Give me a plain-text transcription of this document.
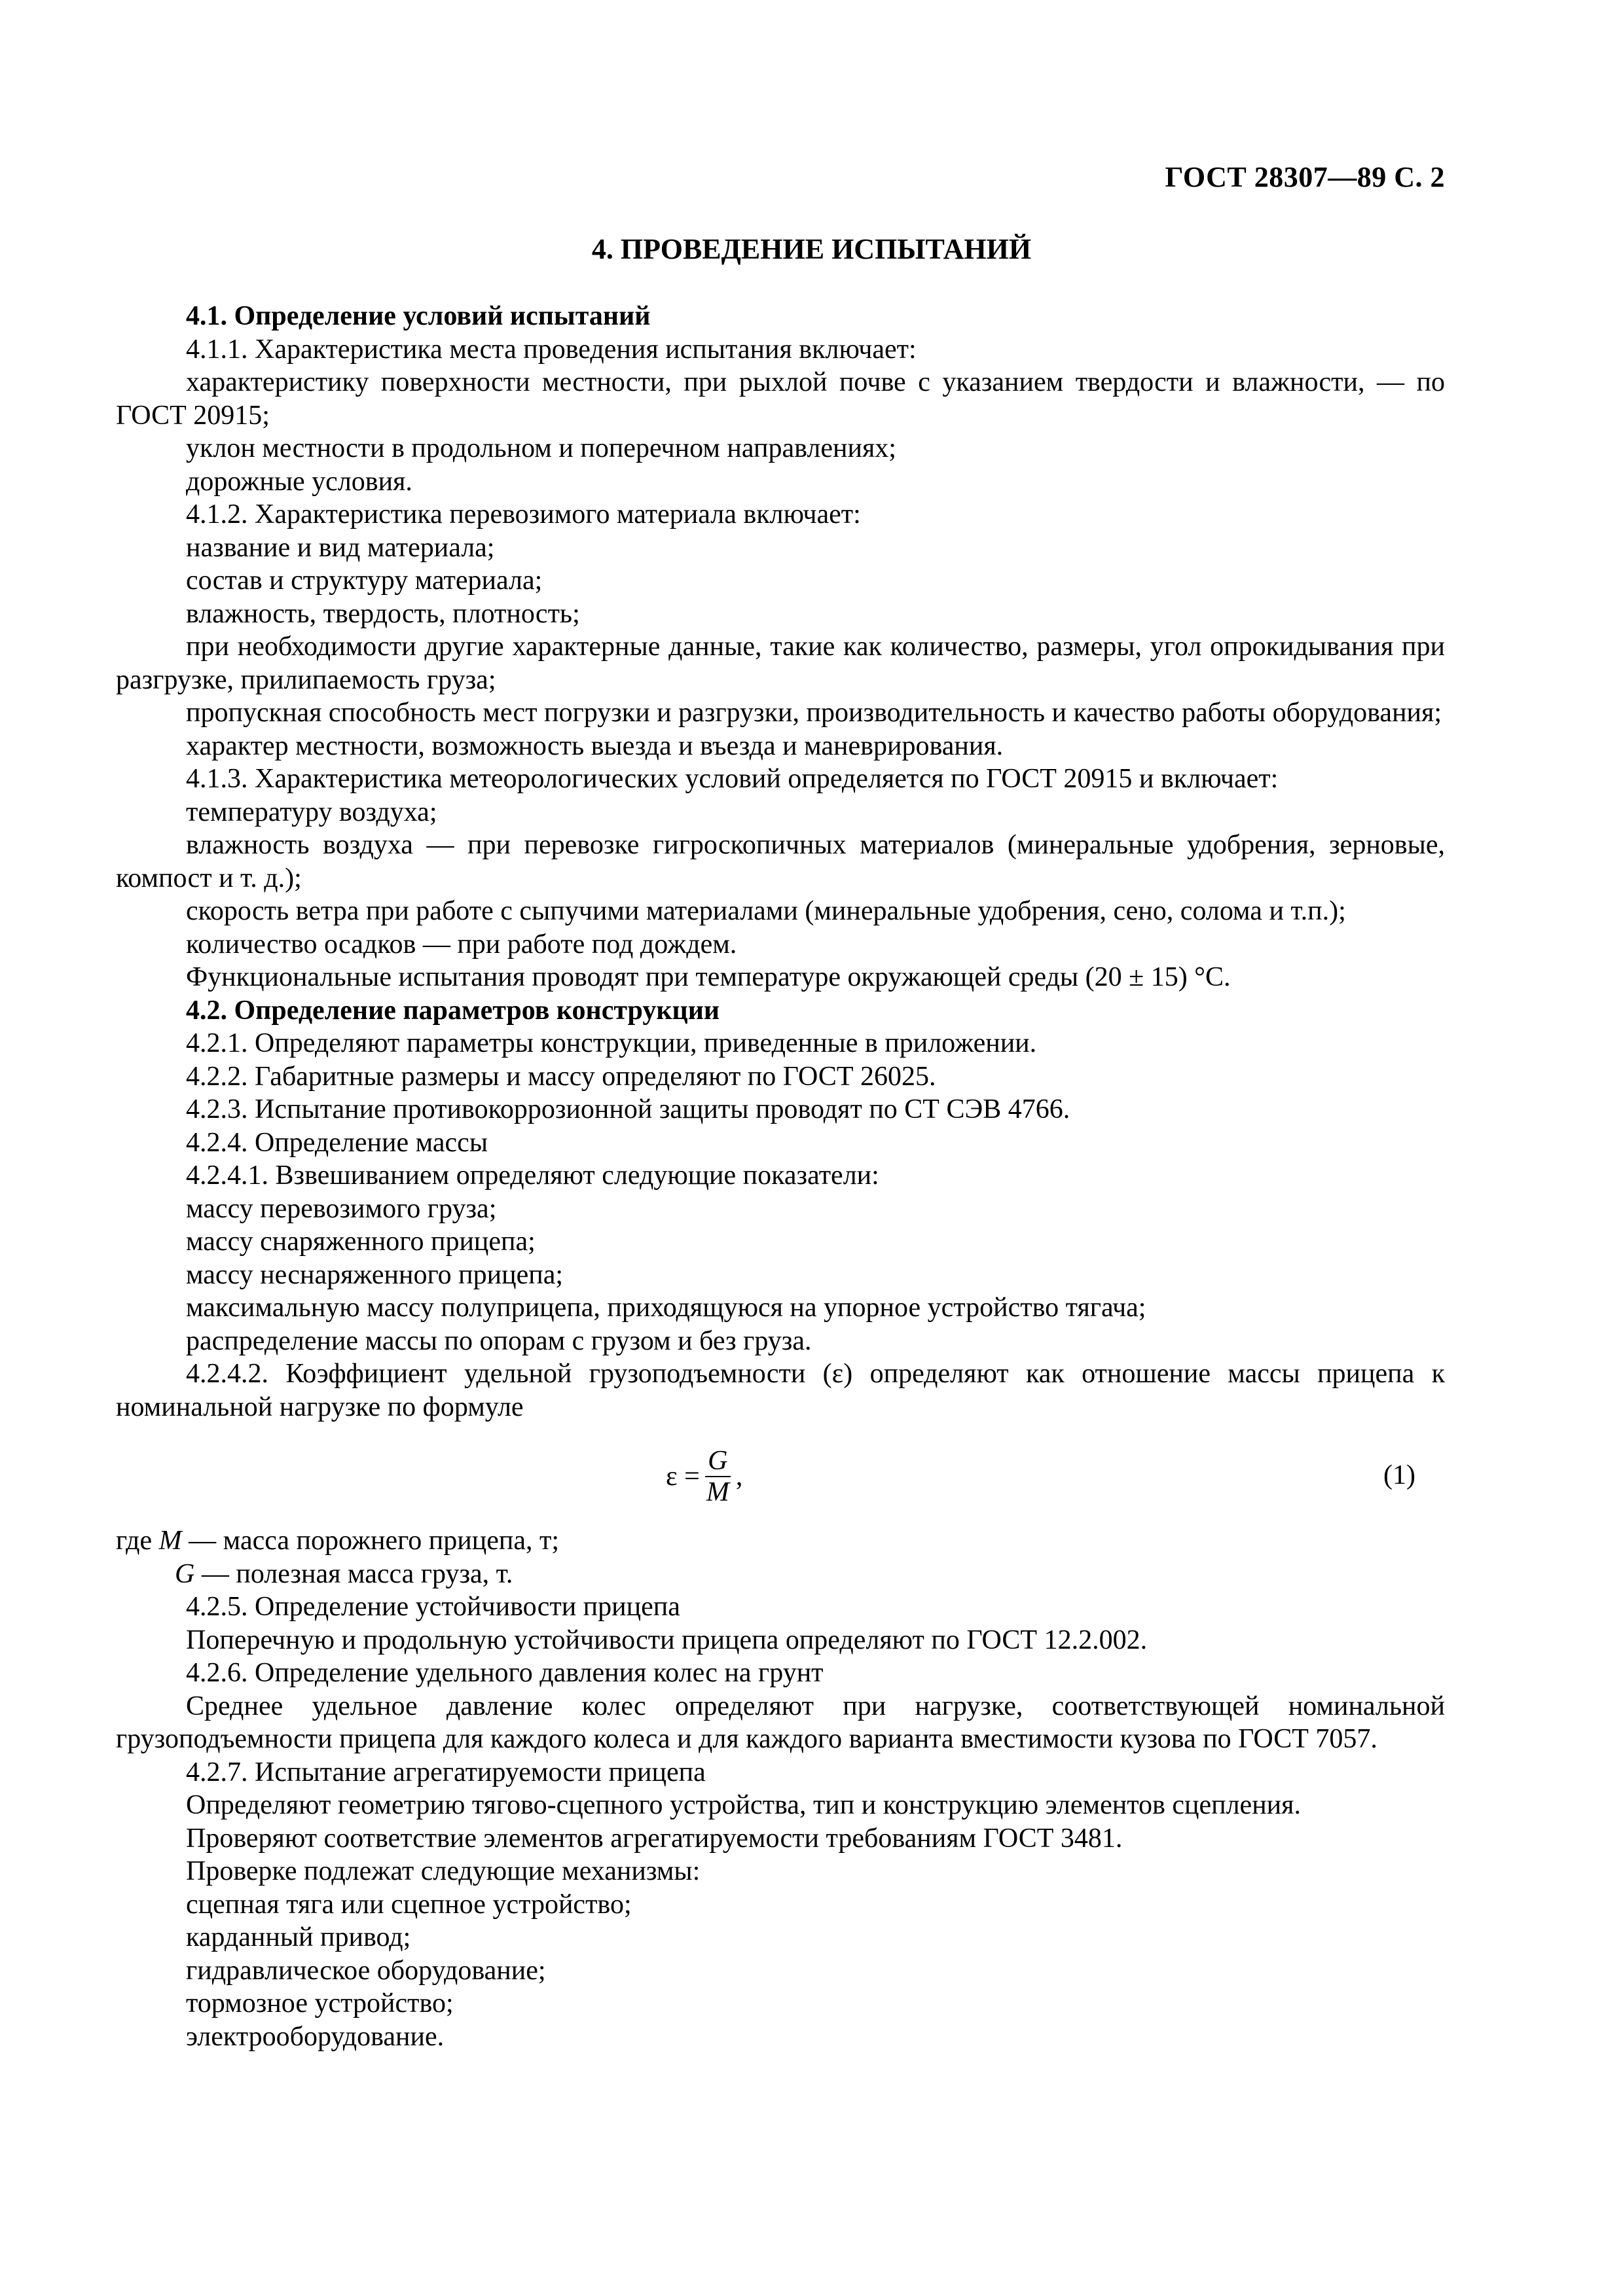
ГОСТ 28307—89 С. 2
4. ПРОВЕДЕНИЕ ИСПЫТАНИЙ

4.1. Определение условий испытаний

4.1.1. Характеристика места проведения испытания включает:

характеристику поверхности местности, при рыхлой почве с указанием твердости и влажности, — по ГОСТ 20915;

уклон местности в продольном и поперечном направлениях;

дорожные условия.

4.1.2. Характеристика перевозимого материала включает:

название и вид материала;

состав и структуру материала;

влажность, твердость, плотность;

при необходимости другие характерные данные, такие как количество, размеры, угол опрокидывания при разгрузке, прилипаемость груза;

пропускная способность мест погрузки и разгрузки, производительность и качество работы оборудования;

характер местности, возможность выезда и въезда и маневрирования.

4.1.3. Характеристика метеорологических условий определяется по ГОСТ 20915 и включает:

температуру воздуха;

влажность воздуха — при перевозке гигроскопичных материалов (минеральные удобрения, зерновые, компост и т. д.);

скорость ветра при работе с сыпучими материалами (минеральные удобрения, сено, солома и т.п.);

количество осадков — при работе под дождем.

Функциональные испытания проводят при температуре окружающей среды (20 ± 15) °С.

4.2. Определение параметров конструкции

4.2.1. Определяют параметры конструкции, приведенные в приложении.

4.2.2. Габаритные размеры и массу определяют по ГОСТ 26025.

4.2.3. Испытание противокоррозионной защиты проводят по СТ СЭВ 4766.

4.2.4. Определение массы

4.2.4.1. Взвешиванием определяют следующие показатели:

массу перевозимого груза;

массу снаряженного прицепа;

массу неснаряженного прицепа;

максимальную массу полуприцепа, приходящуюся на упорное устройство тягача;

распределение массы по опорам с грузом и без груза.

4.2.4.2. Коэффициент удельной грузоподъемности (ε) определяют как отношение массы прицепа к номинальной нагрузке по формуле

$\varepsilon = \frac{G}{M}$ ,	(1)

где M — масса порожнего прицепа, т;

G — полезная масса груза, т.

4.2.5. Определение устойчивости прицепа

Поперечную и продольную устойчивости прицепа определяют по ГОСТ 12.2.002.

4.2.6. Определение удельного давления колес на грунт

Среднее удельное давление колес определяют при нагрузке, соответствующей номинальной грузоподъемности прицепа для каждого колеса и для каждого варианта вместимости кузова по ГОСТ 7057.

4.2.7. Испытание агрегатируемости прицепа

Определяют геометрию тягово-сцепного устройства, тип и конструкцию элементов сцепления.

Проверяют соответствие элементов агрегатируемости требованиям ГОСТ 3481.

Проверке подлежат следующие механизмы:

сцепная тяга или сцепное устройство;

карданный привод;

гидравлическое оборудование;

тормозное устройство;

электрооборудование.
